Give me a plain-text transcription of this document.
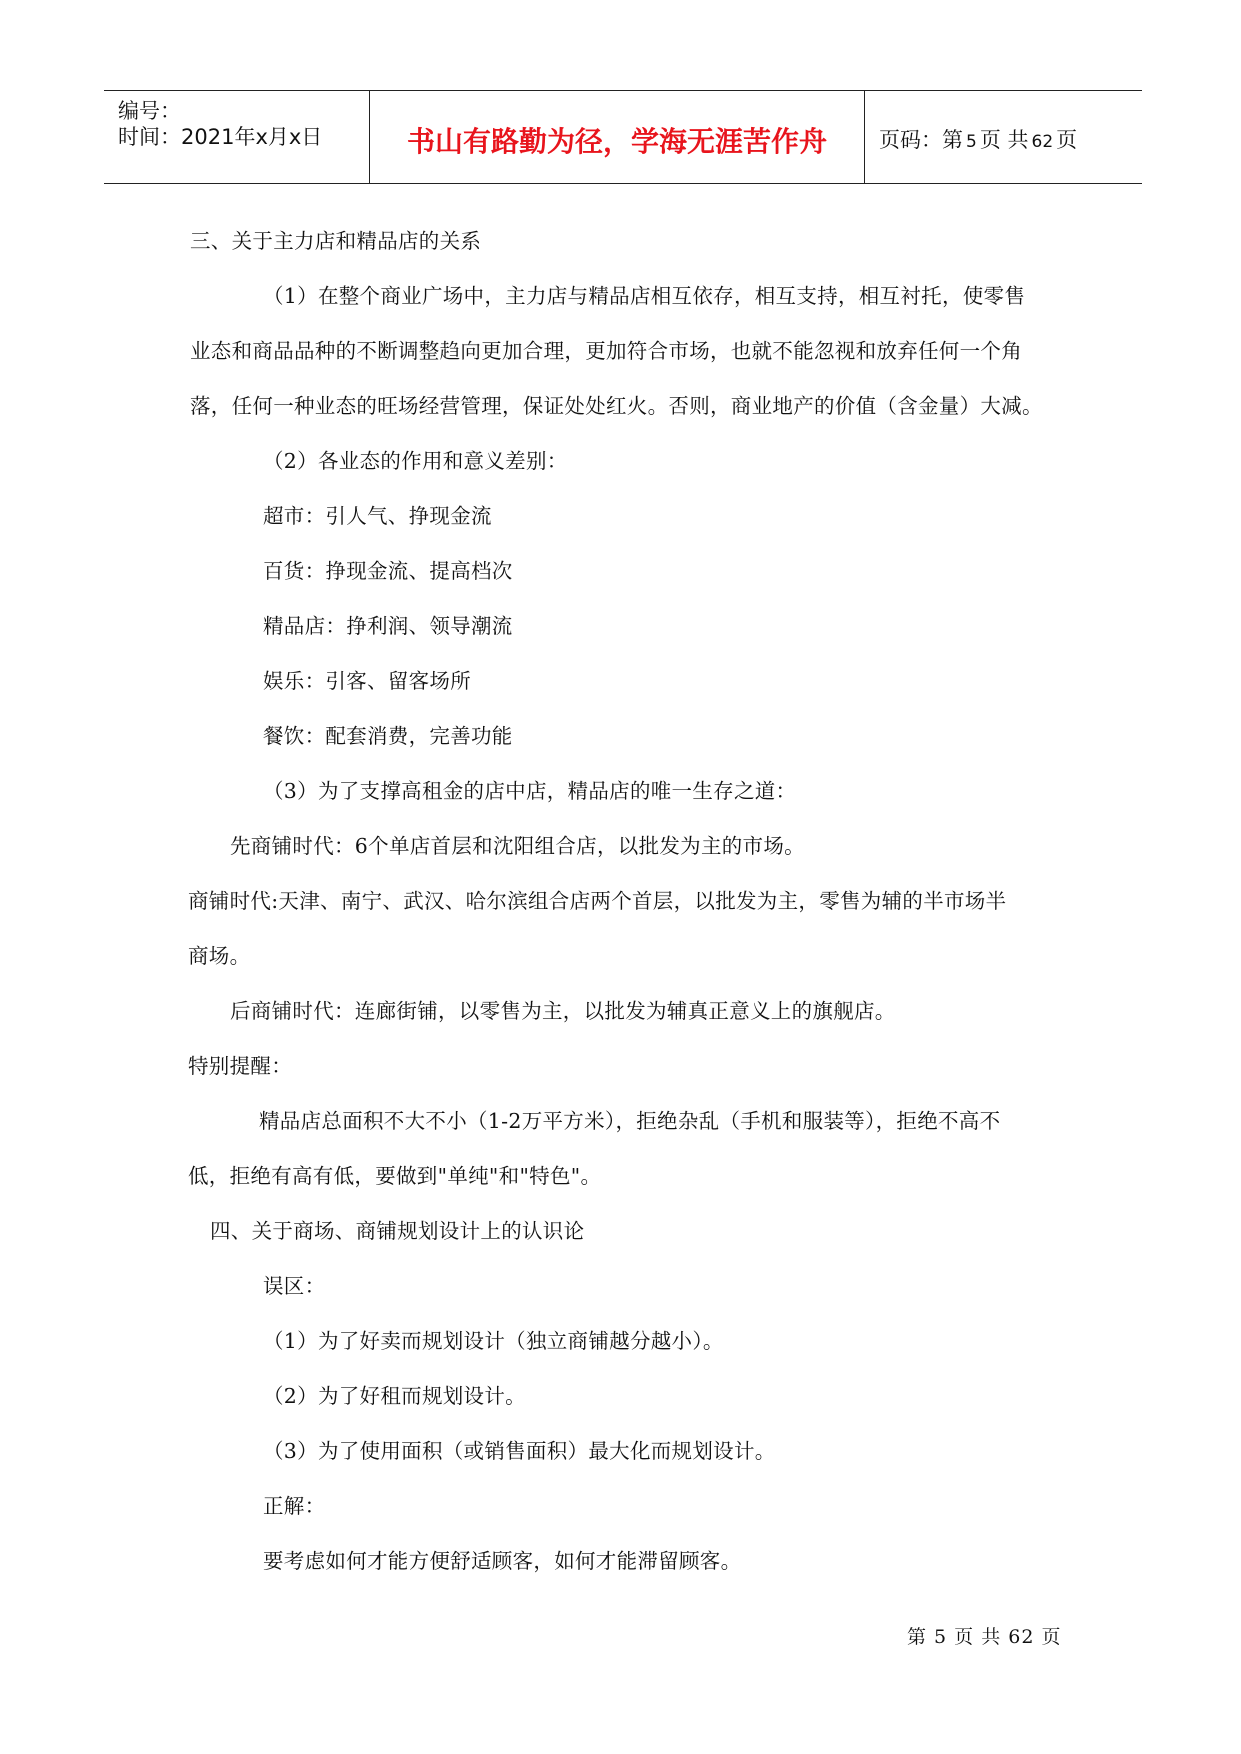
编号：
时间：2021年x月x日	书山有路勤为径，学海无涯苦作舟	页码：第 5 页 共 62 页
三、关于主力店和精品店的关系
（1）在整个商业广场中，主力店与精品店相互依存，相互支持，相互衬托，使零售
业态和商品品种的不断调整趋向更加合理，更加符合市场，也就不能忽视和放弃任何一个角
落，任何一种业态的旺场经营管理，保证处处红火。否则，商业地产的价值（含金量）大减。
（2）各业态的作用和意义差别：
超市：引人气、挣现金流
百货：挣现金流、提高档次
精品店：挣利润、领导潮流
娱乐：引客、留客场所
餐饮：配套消费，完善功能
（3）为了支撑高租金的店中店，精品店的唯一生存之道：
先商铺时代：6个单店首层和沈阳组合店，以批发为主的市场。
商铺时代:天津、南宁、武汉、哈尔滨组合店两个首层，以批发为主，零售为辅的半市场半
商场。
后商铺时代：连廊街铺，以零售为主，以批发为辅真正意义上的旗舰店。
特别提醒：
精品店总面积不大不小（1-2万平方米），拒绝杂乱（手机和服装等），拒绝不高不
低，拒绝有高有低，要做到"单纯"和"特色"。
四、关于商场、商铺规划设计上的认识论
误区：
（1）为了好卖而规划设计（独立商铺越分越小）。
（2）为了好租而规划设计。
（3）为了使用面积（或销售面积）最大化而规划设计。
正解：
要考虑如何才能方便舒适顾客，如何才能滞留顾客。
第 5 页 共 62 页
